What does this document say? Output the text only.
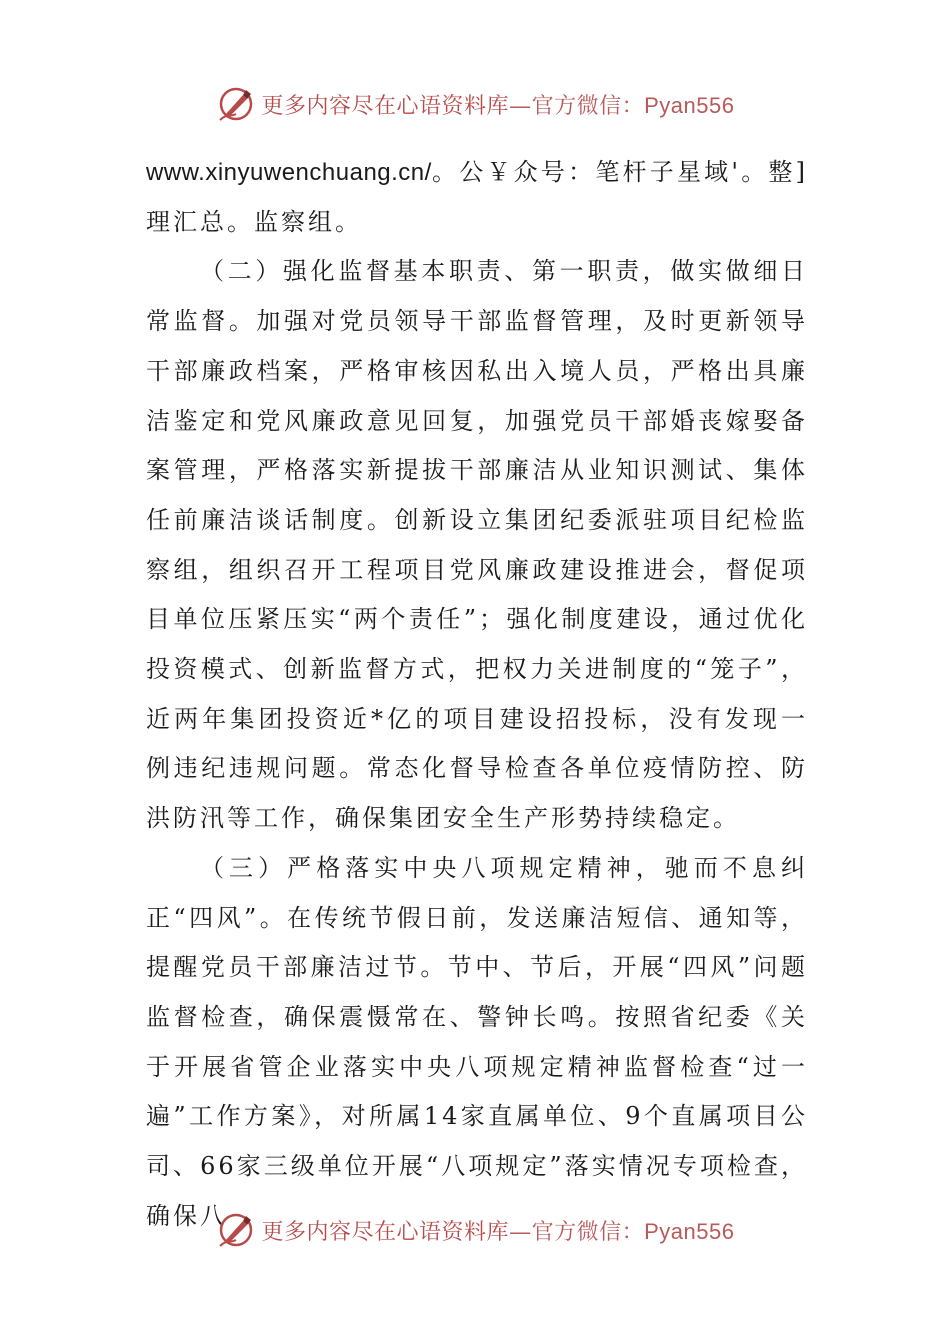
更多内容尽在心语资料库—官方微信：Pyan556

www.xinyuwenchuang.cn/。公￥众号：笔杆子星域'。整]理汇总。监察组。

（二）强化监督基本职责、第一职责，做实做细日常监督。加强对党员领导干部监督管理，及时更新领导干部廉政档案，严格审核因私出入境人员，严格出具廉洁鉴定和党风廉政意见回复，加强党员干部婚丧嫁娶备案管理，严格落实新提拔干部廉洁从业知识测试、集体任前廉洁谈话制度。创新设立集团纪委派驻项目纪检监察组，组织召开工程项目党风廉政建设推进会，督促项目单位压紧压实“两个责任”；强化制度建设，通过优化投资模式、创新监督方式，把权力关进制度的“笼子”，近两年集团投资近*亿的项目建设招投标，没有发现一例违纪违规问题。常态化督导检查各单位疫情防控、防洪防汛等工作，确保集团安全生产形势持续稳定。

（三）严格落实中央八项规定精神，驰而不息纠正“四风”。在传统节假日前，发送廉洁短信、通知等，提醒党员干部廉洁过节。节中、节后，开展“四风”问题监督检查，确保震慑常在、警钟长鸣。按照省纪委《关于开展省管企业落实中央八项规定精神监督检查“过一遍”工作方案》，对所属14家直属单位、9个直属项目公司、66家三级单位开展“八项规定”落实情况专项检查，确保八

更多内容尽在心语资料库—官方微信：Pyan556
